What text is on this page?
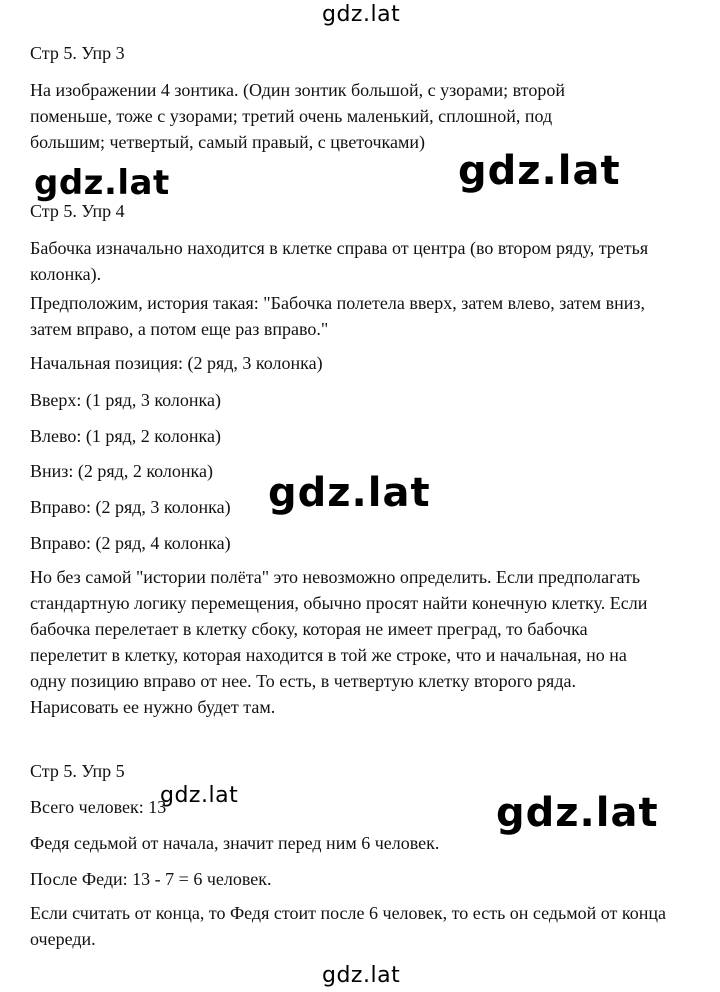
gdz.lat
gdz.lat	gdz.lat
gdz.lat
gdz.lat	gdz.lat
gdz.lat
Стр 5. Упр 3

На изображении 4 зонтика. (Один зонтик большой, с узорами; второй поменьше, тоже с узорами; третий очень маленький, сплошной, под большим; четвертый, самый правый, с цветочками)

Стр 5. Упр 4

Бабочка изначально находится в клетке справа от центра (во втором ряду, третья колонка).

Предположим, история такая: "Бабочка полетела вверх, затем влево, затем вниз, затем вправо, а потом еще раз вправо."

Начальная позиция: (2 ряд, 3 колонка)

Вверх: (1 ряд, 3 колонка)

Влево: (1 ряд, 2 колонка)

Вниз: (2 ряд, 2 колонка)

Вправо: (2 ряд, 3 колонка)

Вправо: (2 ряд, 4 колонка)

Но без самой "истории полёта" это невозможно определить. Если предполагать стандартную логику перемещения, обычно просят найти конечную клетку. Если бабочка перелетает в клетку сбоку, которая не имеет преград, то бабочка перелетит в клетку, которая находится в той же строке, что и начальная, но на одну позицию вправо от нее. То есть, в четвертую клетку второго ряда. Нарисовать ее нужно будет там.

Стр 5. Упр 5

Всего человек: 13

Федя седьмой от начала, значит перед ним 6 человек.

После Феди: 13 - 7 = 6 человек.

Если считать от конца, то Федя стоит после 6 человек, то есть он седьмой от конца очереди.
